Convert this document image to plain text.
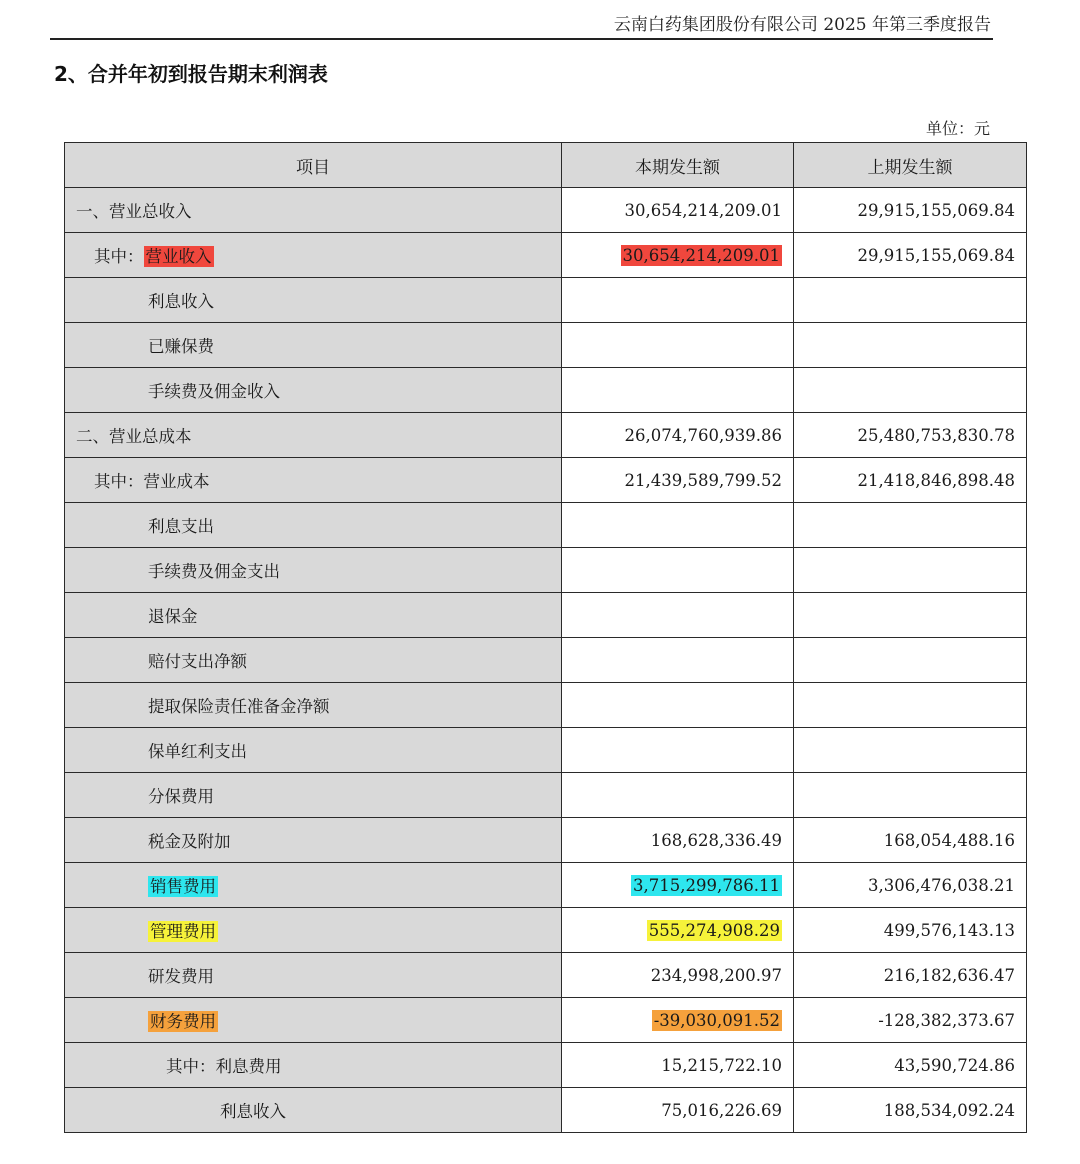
云南白药集团股份有限公司 2025 年第三季度报告
2、合并年初到报告期末利润表
单位：元
项目	本期发生额	上期发生额
一、营业总收入	30,654,214,209.01	29,915,155,069.84
其中： 营业收入	30,654,214,209.01	29,915,155,069.84
利息收入		
已赚保费		
手续费及佣金收入		
二、营业总成本	26,074,760,939.86	25,480,753,830.78
其中：营业成本	21,439,589,799.52	21,418,846,898.48
利息支出		
手续费及佣金支出		
退保金		
赔付支出净额		
提取保险责任准备金净额		
保单红利支出		
分保费用		
税金及附加	168,628,336.49	168,054,488.16
销售费用	3,715,299,786.11	3,306,476,038.21
管理费用	555,274,908.29	499,576,143.13
研发费用	234,998,200.97	216,182,636.47
财务费用	-39,030,091.52	-128,382,373.67
其中：利息费用	15,215,722.10	43,590,724.86
利息收入	75,016,226.69	188,534,092.24
